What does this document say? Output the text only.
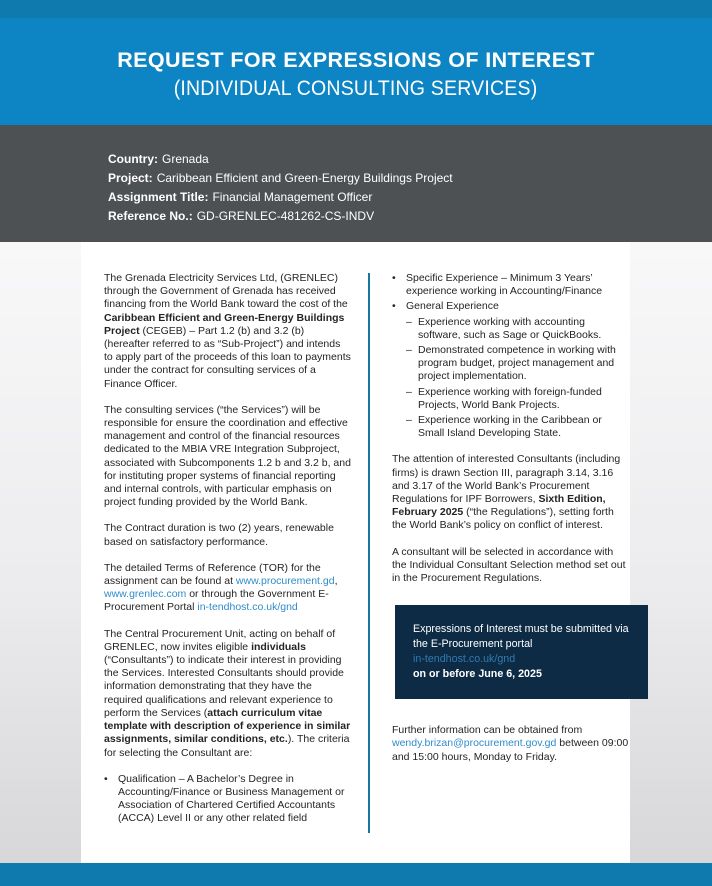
REQUEST FOR EXPRESSIONS OF INTEREST
(INDIVIDUAL CONSULTING SERVICES)
Country: Grenada
Project: Caribbean Efficient and Green-Energy Buildings Project
Assignment Title: Financial Management Officer
Reference No.: GD-GRENLEC-481262-CS-INDV

The Grenada Electricity Services Ltd, (GRENLEC) through the Government of Grenada has received financing from the World Bank toward the cost of the Caribbean Efficient and Green-Energy Buildings Project (CEGEB) – Part 1.2 (b) and 3.2 (b) (hereafter referred to as “Sub-Project”) and intends to apply part of the proceeds of this loan to payments under the contract for consulting services of a Finance Officer.

The consulting services (“the Services”) will be responsible for ensure the coordination and effective management and control of the financial resources dedicated to the MBIA VRE Integration Subproject, associated with Subcomponents 1.2 b and 3.2 b, and for instituting proper systems of financial reporting and internal controls, with particular emphasis on project funding provided by the World Bank.

The Contract duration is two (2) years, renewable based on satisfactory performance.

The detailed Terms of Reference (TOR) for the assignment can be found at www.procurement.gd, www.grenlec.com or through the Government E-Procurement Portal in-tendhost.co.uk/gnd

The Central Procurement Unit, acting on behalf of GRENLEC, now invites eligible individuals (“Consultants”) to indicate their interest in providing the Services. Interested Consultants should provide information demonstrating that they have the required qualifications and relevant experience to perform the Services (attach curriculum vitae template with description of experience in similar assignments, similar conditions, etc.). The criteria for selecting the Consultant are:

• Qualification – A Bachelor’s Degree in Accounting/Finance or Business Management or Association of Chartered Certified Accountants (ACCA) Level II or any other related field
• Specific Experience – Minimum 3 Years’ experience working in Accounting/Finance
• General Experience
– Experience working with accounting software, such as Sage or QuickBooks.
– Demonstrated competence in working with program budget, project management and project implementation.
– Experience working with foreign-funded Projects, World Bank Projects.
– Experience working in the Caribbean or Small Island Developing State.

The attention of interested Consultants (including firms) is drawn Section III, paragraph 3.14, 3.16 and 3.17 of the World Bank’s Procurement Regulations for IPF Borrowers, Sixth Edition, February 2025 (“the Regulations”), setting forth the World Bank’s policy on conflict of interest.

A consultant will be selected in accordance with the Individual Consultant Selection method set out in the Procurement Regulations.

Expressions of Interest must be submitted via the E-Procurement portal
in-tendhost.co.uk/gnd
on or before June 6, 2025

Further information can be obtained from wendy.brizan@procurement.gov.gd between 09:00 and 15:00 hours, Monday to Friday.
